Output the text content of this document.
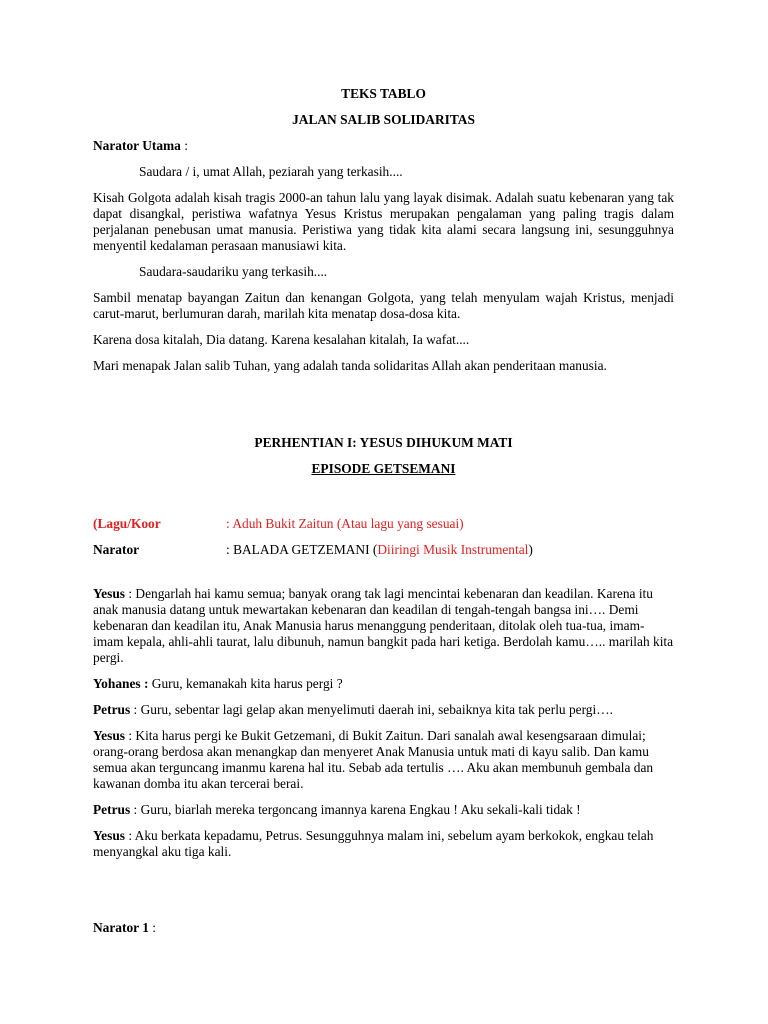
TEKS TABLO

JALAN SALIB SOLIDARITAS

Narator Utama :

Saudara / i, umat Allah, peziarah yang terkasih....

Kisah Golgota adalah kisah tragis 2000-an tahun lalu yang layak disimak. Adalah suatu kebenaran yang tak dapat disangkal, peristiwa wafatnya Yesus Kristus merupakan pengalaman yang paling tragis dalam perjalanan penebusan umat manusia. Peristiwa yang tidak kita alami secara langsung ini, sesungguhnya menyentil kedalaman perasaan manusiawi kita.

Saudara-saudariku yang terkasih....

Sambil menatap bayangan Zaitun dan kenangan Golgota, yang telah menyulam wajah Kristus, menjadi carut-marut, berlumuran darah, marilah kita menatap dosa-dosa kita.

Karena dosa kitalah, Dia datang. Karena kesalahan kitalah, Ia wafat....

Mari menapak Jalan salib Tuhan, yang adalah tanda solidaritas Allah akan penderitaan manusia.

PERHENTIAN I: YESUS DIHUKUM MATI

EPISODE GETSEMANI

(Lagu/Koor	: Aduh Bukit Zaitun (Atau lagu yang sesuai)
Narator	: BALADA GETZEMANI (Diiringi Musik Instrumental)

Yesus : Dengarlah hai kamu semua; banyak orang tak lagi mencintai kebenaran dan keadilan. Karena itu anak manusia datang untuk mewartakan kebenaran dan keadilan di tengah-tengah bangsa ini…. Demi kebenaran dan keadilan itu, Anak Manusia harus menanggung penderitaan, ditolak oleh tua-tua, imam-imam kepala, ahli-ahli taurat, lalu dibunuh, namun bangkit pada hari ketiga. Berdolah kamu….. marilah kita pergi.

Yohanes : Guru, kemanakah kita harus pergi ?

Petrus : Guru, sebentar lagi gelap akan menyelimuti daerah ini, sebaiknya kita tak perlu pergi….

Yesus : Kita harus pergi ke Bukit Getzemani, di Bukit Zaitun. Dari sanalah awal kesengsaraan dimulai; orang-orang berdosa akan menangkap dan menyeret Anak Manusia untuk mati di kayu salib. Dan kamu semua akan terguncang imanmu karena hal itu. Sebab ada tertulis …. Aku akan membunuh gembala dan kawanan domba itu akan tercerai berai.

Petrus : Guru, biarlah mereka tergoncang imannya karena Engkau ! Aku sekali-kali tidak !

Yesus : Aku berkata kepadamu, Petrus. Sesungguhnya malam ini, sebelum ayam berkokok, engkau telah menyangkal aku tiga kali.

Narator 1 :
